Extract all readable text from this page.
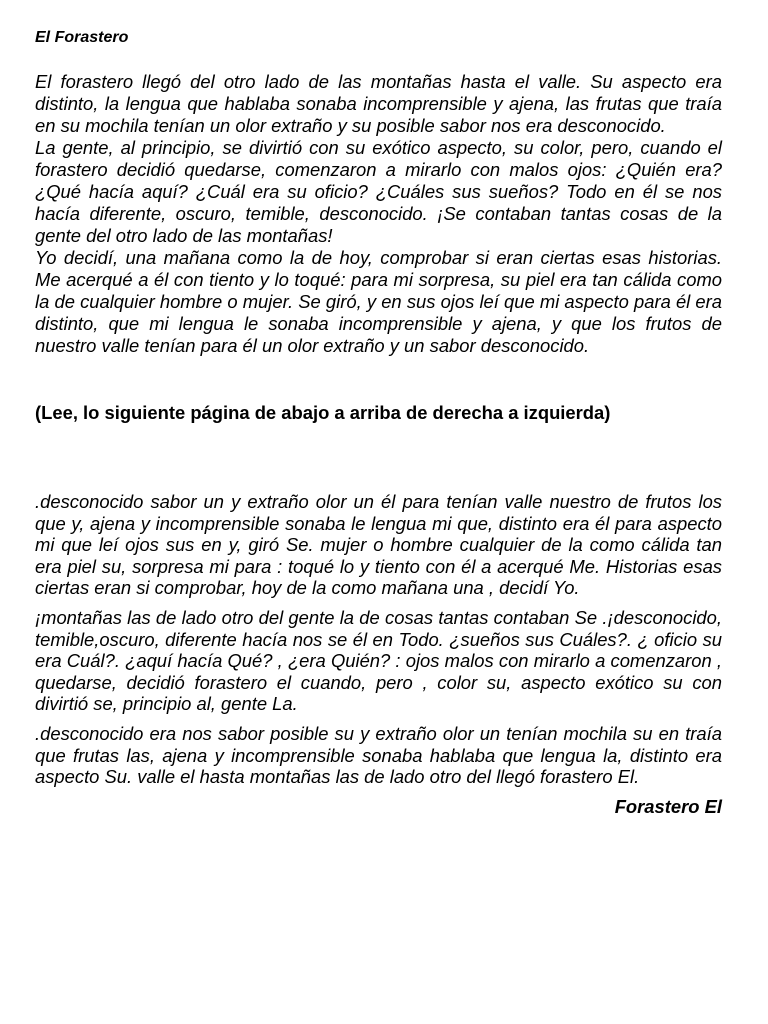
El Forastero

El forastero llegó del otro lado de las montañas hasta el valle. Su aspecto era distinto, la lengua que hablaba sonaba incomprensible y ajena, las frutas que traía en su mochila tenían un olor extraño y su posible sabor nos era desconocido.

La gente, al principio, se divirtió con su exótico aspecto, su color, pero, cuando el forastero decidió quedarse, comenzaron a mirarlo con malos ojos: ¿Quién era? ¿Qué hacía aquí? ¿Cuál era su oficio? ¿Cuáles sus sueños? Todo en él se nos hacía diferente, oscuro, temible, desconocido. ¡Se contaban tantas cosas de la gente del otro lado de las montañas!

Yo decidí, una mañana como la de hoy, comprobar si eran ciertas esas historias. Me acerqué a él con tiento y lo toqué: para mi sorpresa, su piel era tan cálida como la de cualquier hombre o mujer. Se giró, y en sus ojos leí que mi aspecto para él era distinto, que mi lengua le sonaba incomprensible y ajena, y que los frutos de nuestro valle tenían para él un olor extraño y un sabor desconocido.

(Lee, lo siguiente página de abajo a arriba de derecha a izquierda)

.desconocido sabor un y extraño olor un él para tenían valle nuestro de frutos los que y, ajena y incomprensible sonaba le lengua mi que, distinto era él para aspecto mi que leí ojos sus en y, giró Se. mujer o hombre cualquier de la como cálida tan era piel su, sorpresa mi para : toqué lo y tiento con él a acerqué Me. Historias esas ciertas eran si comprobar, hoy de la como mañana una , decidí Yo.

¡montañas las de lado otro del gente la de cosas tantas contaban Se .¡desconocido, temible,oscuro, diferente hacía nos se él en Todo. ¿sueños sus Cuáles?. ¿ oficio su era Cuál?. ¿aquí hacía Qué? , ¿era Quién? : ojos malos con mirarlo a comenzaron , quedarse, decidió forastero el cuando, pero , color su, aspecto exótico su con divirtió se, principio al, gente La.

.desconocido era nos sabor posible su y extraño olor un tenían mochila su en traía que frutas las, ajena y incomprensible sonaba hablaba que lengua la, distinto era aspecto Su. valle el hasta montañas las de lado otro del llegó forastero El.

Forastero El
